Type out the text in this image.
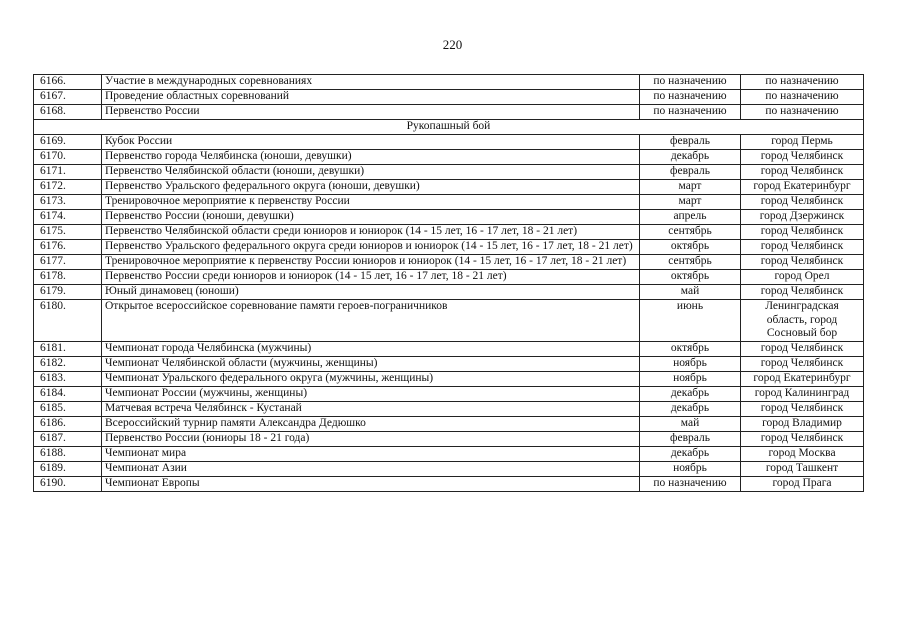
220
6166.	Участие в международных соревнованиях	по назначению	по назначению
6167.	Проведение областных соревнований	по назначению	по назначению
6168.	Первенство России	по назначению	по назначению
Рукопашный бой			
6169.	Кубок России	февраль	город Пермь
6170.	Первенство города Челябинска (юноши, девушки)	декабрь	город Челябинск
6171.	Первенство Челябинской области (юноши, девушки)	февраль	город Челябинск
6172.	Первенство Уральского федерального округа (юноши, девушки)	март	город Екатеринбург
6173.	Тренировочное мероприятие к первенству России	март	город Челябинск
6174.	Первенство России (юноши, девушки)	апрель	город Дзержинск
6175.	Первенство Челябинской области среди юниоров и юниорок (14 - 15 лет, 16 - 17 лет, 18 - 21 лет)	сентябрь	город Челябинск
6176.	Первенство Уральского федерального округа среди юниоров и юниорок (14 - 15 лет, 16 - 17 лет, 18 - 21 лет)	октябрь	город Челябинск
6177.	Тренировочное мероприятие к первенству России юниоров и юниорок (14 - 15 лет, 16 - 17 лет, 18 - 21 лет)	сентябрь	город Челябинск
6178.	Первенство России среди юниоров и юниорок (14 - 15 лет, 16 - 17 лет, 18 - 21 лет)	октябрь	город Орел
6179.	Юный динамовец (юноши)	май	город Челябинск
6180.	Открытое всероссийское соревнование памяти героев-пограничников	июнь	Ленинградская область, город Сосновый бор
6181.	Чемпионат города Челябинска (мужчины)	октябрь	город Челябинск
6182.	Чемпионат Челябинской области (мужчины, женщины)	ноябрь	город Челябинск
6183.	Чемпионат Уральского федерального округа (мужчины, женщины)	ноябрь	город Екатеринбург
6184.	Чемпионат России (мужчины, женщины)	декабрь	город Калининград
6185.	Матчевая встреча Челябинск - Кустанай	декабрь	город Челябинск
6186.	Всероссийский турнир памяти Александра Дедюшко	май	город Владимир
6187.	Первенство России (юниоры 18 - 21 года)	февраль	город Челябинск
6188.	Чемпионат мира	декабрь	город Москва
6189.	Чемпионат Азии	ноябрь	город Ташкент
6190.	Чемпионат Европы	по назначению	город Прага
